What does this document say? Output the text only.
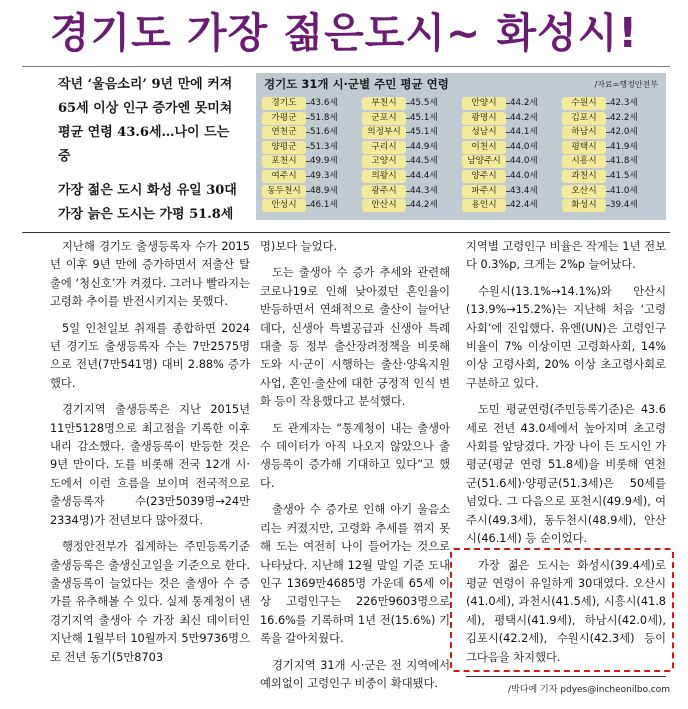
경기도 가장 젊은도시~ 화성시!
작년 ‘울음소리’ 9년 만에 커져
65세 이상 인구 증가엔 못미쳐
평균 연령 43.6세…나이 드는 중
가장 젊은 도시 화성 유일 30대
가장 늙은 도시는 가평 51.8세
경기도 31개 시·군별 주민 평균 연령	/자료=행정안전부
경기도	43.6세
가평군	51.8세
연천군	51.6세
양평군	51.3세
포천시	49.9세
여주시	49.3세
동두천시	48.9세
안성시	46.1세
부천시	45.5세
군포시	45.1세
의정부시	45.1세
구리시	44.9세
고양시	44.5세
의왕시	44.4세
광주시	44.3세
안산시	44.2세
안양시	44.2세
광명시	44.2세
성남시	44.1세
이천시	44.0세
남양주시	44.0세
양주시	44.0세
파주시	43.4세
용인시	42.4세
수원시	42.3세
김포시	42.2세
하남시	42.0세
평택시	41.9세
시흥시	41.8세
과천시	41.5세
오산시	41.0세
화성시	39.4세

지난해 경기도 출생등록자 수가 2015년 이후 9년 만에 증가하면서 저출산 탈출에 ‘청신호’가 켜졌다. 그러나 빨라지는 고령화 추이를 반전시키지는 못했다.

5일 인천일보 취재를 종합하면 2024년 경기도 출생등록자 수는 7만2575명으로 전년(7만541명) 대비 2.88% 증가했다.

경기지역 출생등록은 지난 2015년 11만5128명으로 최고점을 기록한 이후 내리 감소했다. 출생등록이 반등한 것은 9년 만이다. 도를 비롯해 전국 12개 시·도에서 이런 흐름을 보이며 전국적으로 출생등록자 수(23만5039명→24만2334명)가 전년보다 많아졌다.

행정안전부가 집계하는 주민등록기준 출생등록은 출생신고일을 기준으로 한다. 출생등록이 늘었다는 것은 출생아 수 증가를 유추해볼 수 있다. 실제 통계청이 낸 경기지역 출생아 수 가장 최신 데이터인 지난해 1월부터 10월까지 5만9736명으로 전년 동기(5만8703

명)보다 늘었다.

도는 출생아 수 증가 추세와 관련해 코로나19로 인해 낮아졌던 혼인율이 반등하면서 연쇄적으로 출산이 늘어난 데다, 신생아 특별공급과 신생아 특례대출 등 정부 출산장려정책을 비롯해 도와 시·군이 시행하는 출산·양육지원 사업, 혼인·출산에 대한 긍정적 인식 변화 등이 작용했다고 분석했다.

도 관계자는 “통계청이 내는 출생아 수 데이터가 아직 나오지 않았으나 출생등록이 증가해 기대하고 있다”고 했다.

출생아 수 증가로 인해 아기 울음소리는 커졌지만, 고령화 추세를 꺾지 못해 도는 여전히 나이 들어가는 것으로 나타났다. 지난해 12월 말일 기준 도내 인구 1369만4685명 가운데 65세 이상 고령인구는 226만9603명으로 16.6%를 기록하며 1년 전(15.6%) 기록을 갈아치웠다.

경기지역 31개 시·군은 전 지역에서 예외없이 고령인구 비중이 확대됐다.

지역별 고령인구 비율은 작게는 1년 전보다 0.3%p, 크게는 2%p 늘어났다.

수원시(13.1%→14.1%)와 안산시(13.9%→15.2%)는 지난해 처음 ‘고령사회’에 진입했다. 유엔(UN)은 고령인구 비율이 7% 이상이면 고령화사회, 14% 이상 고령사회, 20% 이상 초고령사회로 구분하고 있다.

도민 평균연령(주민등록기준)은 43.6세로 전년 43.0세에서 높아지며 초고령사회를 앞당겼다. 가장 나이 든 도시인 가평군(평균 연령 51.8세)을 비롯해 연천군(51.6세)·양평군(51.3세)은 50세를 넘었다. 그 다음으로 포천시(49.9세), 여주시(49.3세), 동두천시(48.9세), 안산시(46.1세) 등 순이었다.

가장 젊은 도시는 화성시(39.4세)로 평균 연령이 유일하게 30대였다. 오산시(41.0세), 과천시(41.5세), 시흥시(41.8세), 평택시(41.9세), 하남시(42.0세), 김포시(42.2세), 수원시(42.3세) 등이 그다음을 차지했다.

/박다예 기자 pdyes@incheonilbo.com
